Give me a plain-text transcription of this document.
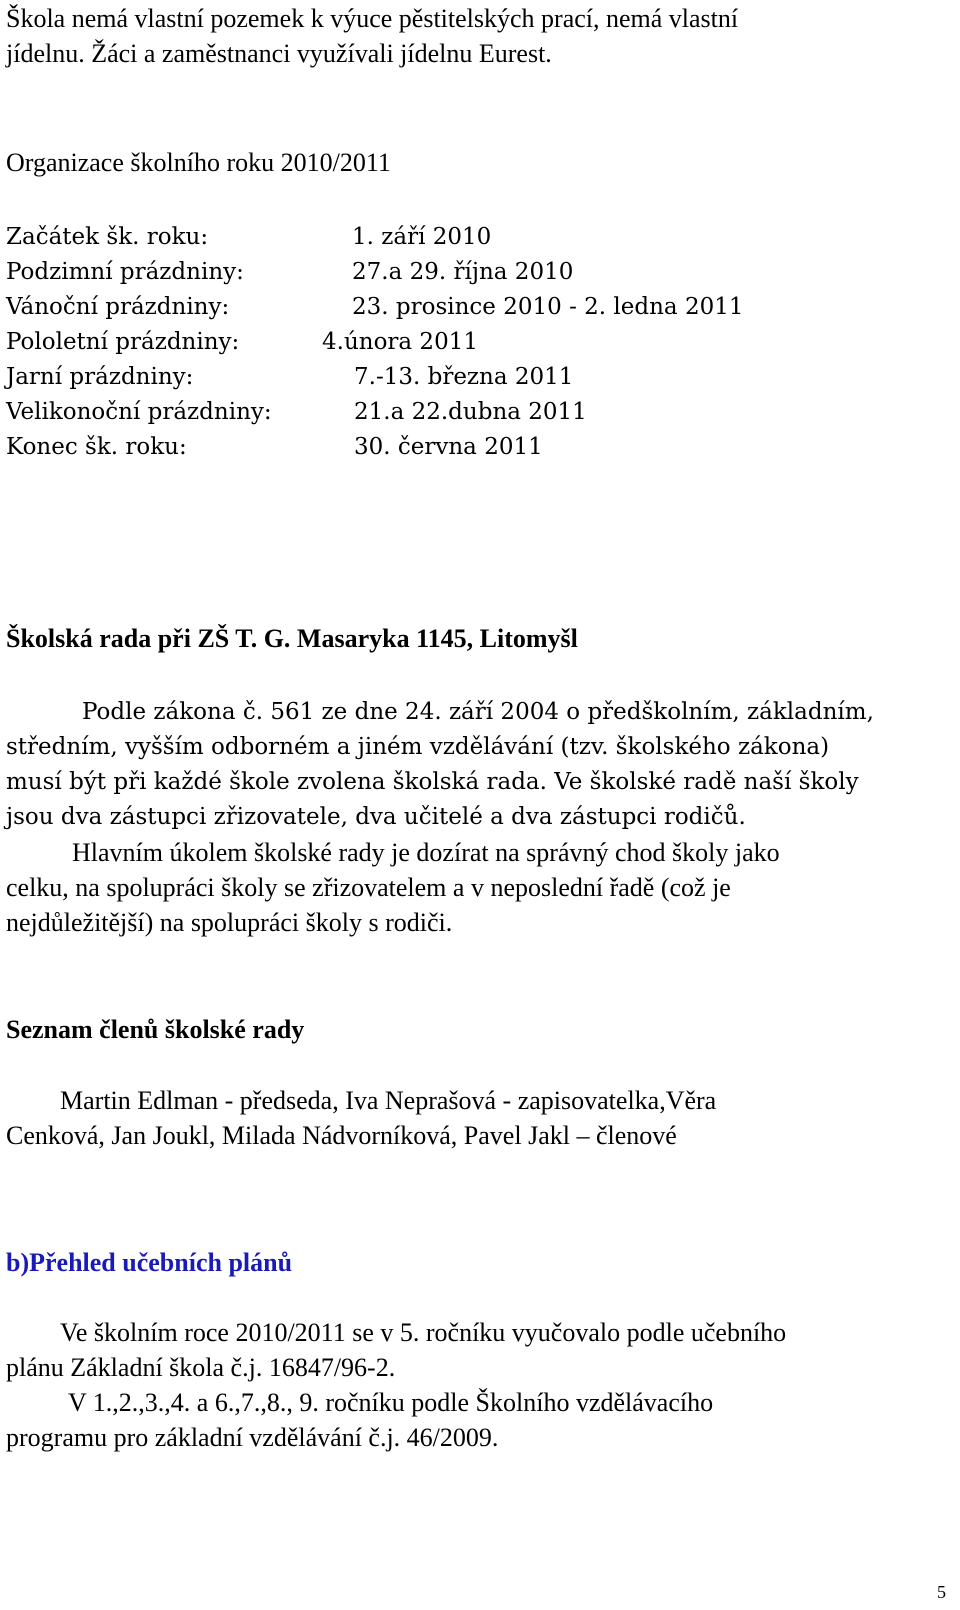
Škola nemá vlastní pozemek k výuce pěstitelských prací, nemá vlastní
jídelnu. Žáci a zaměstnanci využívali jídelnu Eurest.
Organizace školního roku 2010/2011
Začátek šk. roku:	1. září 2010
Podzimní prázdniny:	27.a 29. října 2010
Vánoční prázdniny:	23. prosince 2010 - 2. ledna 2011
Pololetní prázdniny:	4.února 2011
Jarní prázdniny:	7.-13. března 2011
Velikonoční prázdniny:	21.a 22.dubna 2011
Konec šk. roku:	30. června 2011
Školská rada při ZŠ T. G. Masaryka 1145, Litomyšl
Podle zákona č. 561 ze dne 24. září 2004 o předškolním, základním,
středním, vyšším odborném a jiném vzdělávání (tzv. školského zákona)
musí být při každé škole zvolena školská rada. Ve školské radě naší školy
jsou dva zástupci zřizovatele, dva učitelé a dva zástupci rodičů.
Hlavním úkolem školské rady je dozírat na správný chod školy jako
celku, na spolupráci školy se zřizovatelem a v neposlední řadě (což je
nejdůležitější) na spolupráci školy s rodiči.
Seznam členů školské rady
Martin Edlman - předseda, Iva Neprašová - zapisovatelka,Věra
Cenková, Jan Joukl, Milada Nádvorníková, Pavel Jakl – členové
b)Přehled učebních plánů
Ve školním roce 2010/2011 se v 5. ročníku vyučovalo podle učebního
plánu Základní škola č.j. 16847/96-2.
V 1.,2.,3.,4. a 6.,7.,8., 9. ročníku podle Školního vzdělávacího
programu pro základní vzdělávání č.j. 46/2009.
5
